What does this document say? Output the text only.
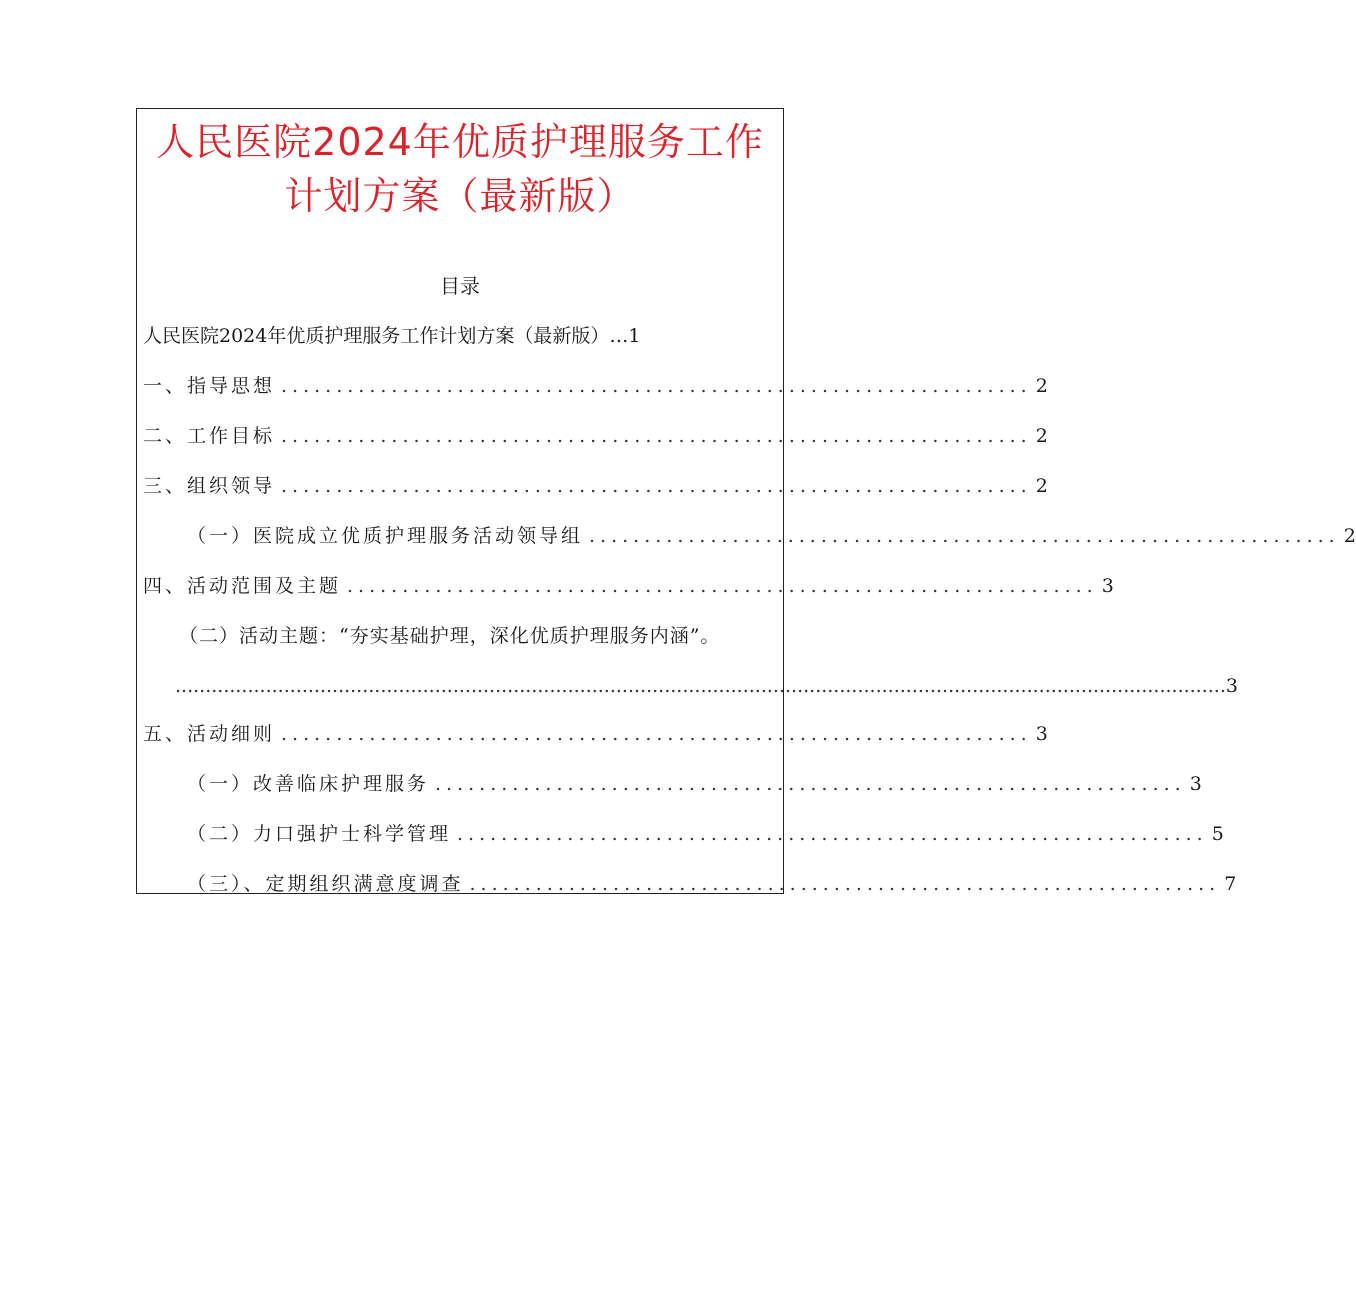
人民医院2024年优质护理服务工作计划方案（最新版）
目录
人民医院2024年优质护理服务工作计划方案（最新版）…1
一、指导思想 .................................................................... 2
二、工作目标 .................................................................... 2
三、组织领导 .................................................................... 2
（一）医院成立优质护理服务活动领导组 .................................................................... 2
四、活动范围及主题 .................................................................... 3
（二）活动主题：“夯实基础护理，深化优质护理服务内涵”。
.............................................................................................................................................................................. 3
五、活动细则 .................................................................... 3
（一）改善临床护理服务 .................................................................... 3
（二）力口强护士科学管理 .................................................................... 5
（三）、定期组织满意度调查 .................................................................... 7
